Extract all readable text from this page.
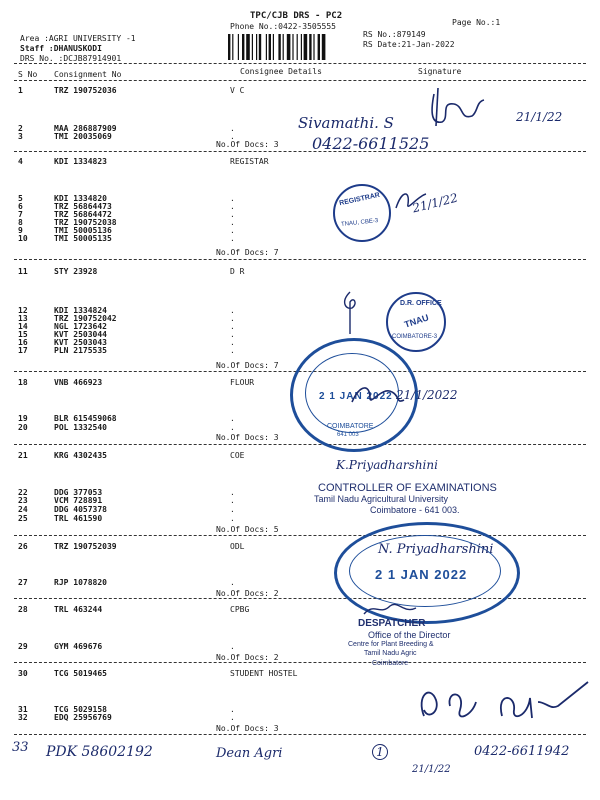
TPC/CJB DRS - PC2
Phone No.:0422-3505555	Page No.:1
RS No.:879149
RS Date:21-Jan-2022
Area :AGRI UNIVERSITY -1
Staff :DHANUSKODI
DRS No. :DCJB87914901
S No Consignment No	Consignee Details	Signature
1	TRZ 190752036	V C
2	MAA 286887909	.
3	TMI 20035069	.
No.Of Docs: 3
4	KDI 1334823	REGISTAR
5	KDI 1334820	.
6	TRZ 56864473	.
7	TRZ 56864472	.
8	TRZ 190752038	.
9	TMI 50005136	.
10	TMI 50005135	.
No.Of Docs: 7
11	STY 23928	D R
12	KDI 1334824	.
13	TRZ 190752042	.
14	NGL 1723642	.
15	KVT 2503044	.
16	KVT 2503043	.
17	PLN 2175535	.
No.Of Docs: 7
18	VNB 466923	FLOUR
19	BLR 615459068	.
20	POL 1332540	.
No.Of Docs: 3
21	KRG 4302435	COE
22	DDG 377053	.
23	VCM 728891	.
24	DDG 4057378	.
25	TRL 461590	.
No.Of Docs: 5
26	TRZ 190752039	ODL
27	RJP 1078820	.
No.Of Docs: 2
28	TRL 463244	CPBG
29	GYM 469676	.
No.Of Docs: 2
30	TCG 5019465	STUDENT HOSTEL
31	TCG 5029158	.
32	EDQ 25956769	.
No.Of Docs: 3
33 PDK 58602192	Dean Agri	1
21/1/22
0422-6611942
Sivamathi. S	21/1/22
0422-6611525
REGISTRAR
TNAU, CBE-3
21/1/22
D.R. OFFICE
TNAU
COIMBATORE-3
2 1 JAN 2022
COIMBATORE
641 003
21/1/2022
K.Priyadharshini
CONTROLLER OF EXAMINATIONS
Tamil Nadu Agricultural University
Coimbatore - 641 003.
2 1 JAN 2022
N. Priyadharshini
DESPATCHER
Office of the Director
Centre for Plant Breeding &
Tamil Nadu Agric
Coimbatore
